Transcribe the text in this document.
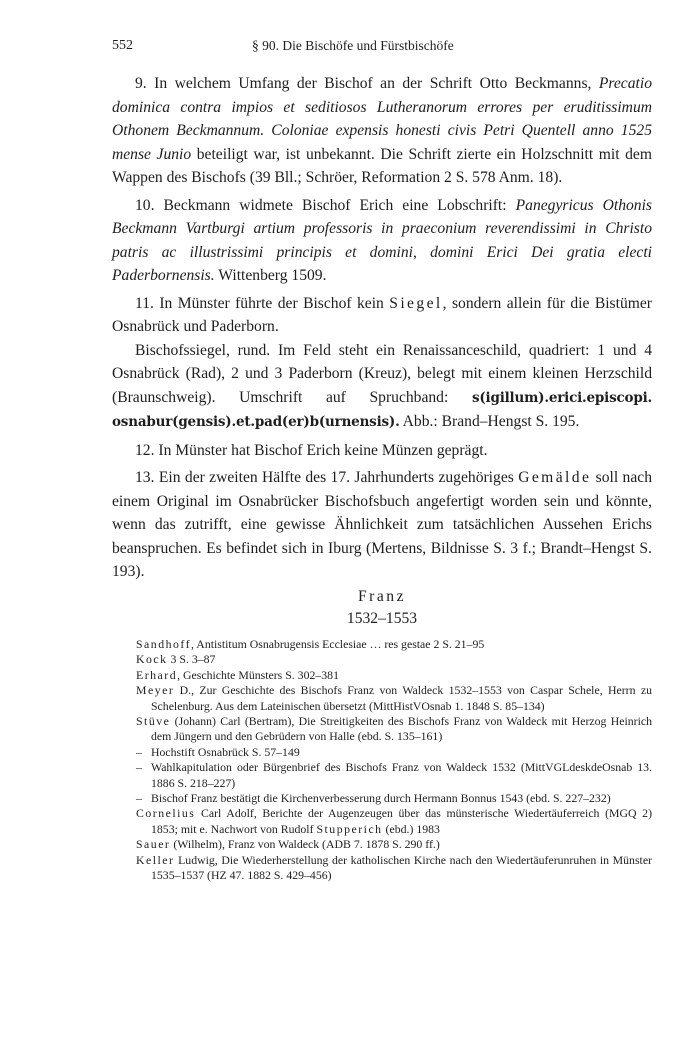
552	§ 90. Die Bischöfe und Fürstbischöfe

9. In welchem Umfang der Bischof an der Schrift Otto Beckmanns, Precatio dominica contra impios et seditiosos Lutheranorum errores per eruditissimum Othonem Beckmannum. Coloniae expensis honesti civis Petri Quentell anno 1525 mense Junio beteiligt war, ist unbekannt. Die Schrift zierte ein Holzschnitt mit dem Wappen des Bischofs (39 Bll.; Schröer, Reformation 2 S. 578 Anm. 18).

10. Beckmann widmete Bischof Erich eine Lobschrift: Panegyricus Othonis Beckmann Vartburgi artium professoris in praeconium reverendissimi in Christo patris ac illustrissimi principis et domini, domini Erici Dei gratia electi Paderbornensis. Wittenberg 1509.

11. In Münster führte der Bischof kein Siegel, sondern allein für die Bistümer Osnabrück und Paderborn.

Bischofssiegel, rund. Im Feld steht ein Renaissanceschild, quadriert: 1 und 4 Osnabrück (Rad), 2 und 3 Paderborn (Kreuz), belegt mit einem kleinen Herzschild (Braunschweig). Umschrift auf Spruchband: s(igillum).erici.episcopi. osnabur(gensis).et.pad(er)b(urnensis). Abb.: Brand–Hengst S. 195.

12. In Münster hat Bischof Erich keine Münzen geprägt.

13. Ein der zweiten Hälfte des 17. Jahrhunderts zugehöriges Gemälde soll nach einem Original im Osnabrücker Bischofsbuch angefertigt worden sein und könnte, wenn das zutrifft, eine gewisse Ähnlichkeit zum tatsächlichen Aussehen Erichs beanspruchen. Es befindet sich in Iburg (Mertens, Bildnisse S. 3 f.; Brandt–Hengst S. 193).

Franz
1532–1553

Sandhoff, Antistitum Osnabrugensis Ecclesiae … res gestae 2 S. 21–95

Kock 3 S. 3–87

Erhard, Geschichte Münsters S. 302–381

Meyer D., Zur Geschichte des Bischofs Franz von Waldeck 1532–1553 von Caspar Schele, Herrn zu Schelenburg. Aus dem Lateinischen übersetzt (MittHistVOsnab 1. 1848 S. 85–134)

Stüve (Johann) Carl (Bertram), Die Streitigkeiten des Bischofs Franz von Waldeck mit Herzog Heinrich dem Jüngern und den Gebrüdern von Halle (ebd. S. 135–161)

– Hochstift Osnabrück S. 57–149

– Wahlkapitulation oder Bürgenbrief des Bischofs Franz von Waldeck 1532 (MittVGLdeskdeOsnab 13. 1886 S. 218–227)

– Bischof Franz bestätigt die Kirchenverbesserung durch Hermann Bonnus 1543 (ebd. S. 227–232)

Cornelius Carl Adolf, Berichte der Augenzeugen über das münsterische Wiedertäuferreich (MGQ 2) 1853; mit e. Nachwort von Rudolf Stupperich (ebd.) 1983

Sauer (Wilhelm), Franz von Waldeck (ADB 7. 1878 S. 290 ff.)

Keller Ludwig, Die Wiederherstellung der katholischen Kirche nach den Wiedertäuferunruhen in Münster 1535–1537 (HZ 47. 1882 S. 429–456)
